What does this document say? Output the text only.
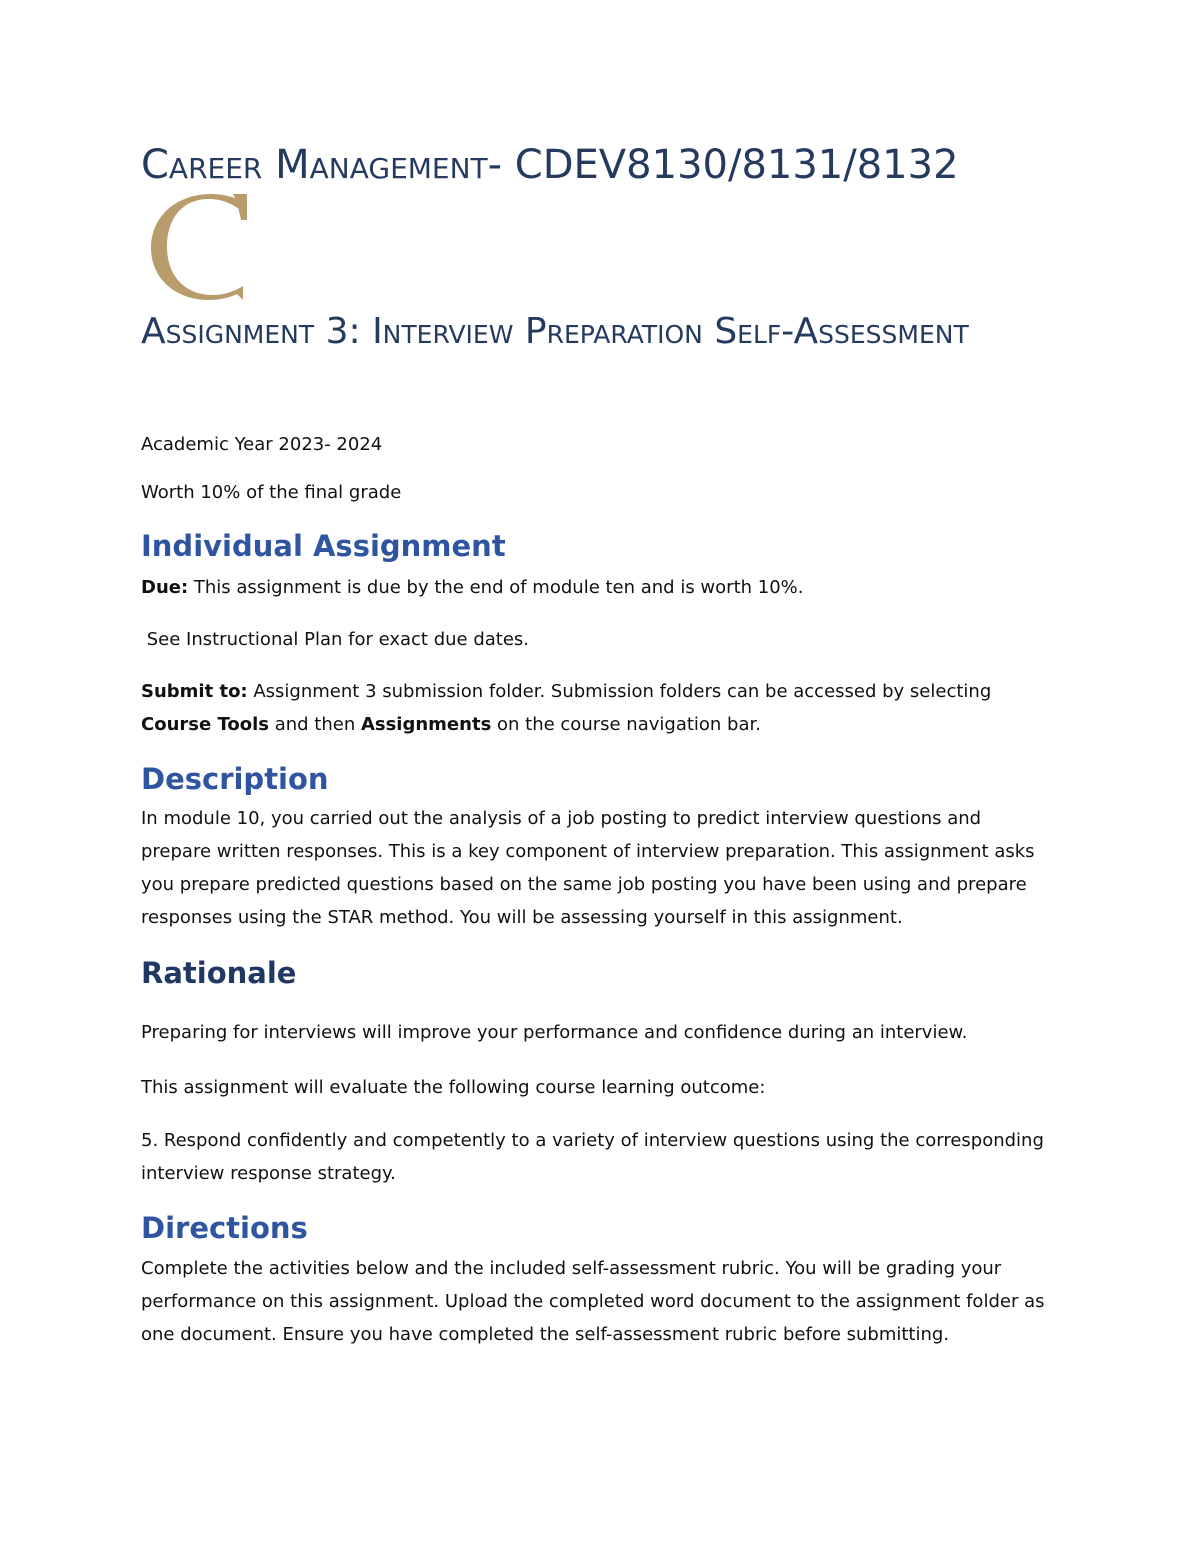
Career Management- CDEV8130/8131/8132
Assignment 3: Interview Preparation Self-Assessment

Academic Year 2023- 2024

Worth 10% of the final grade

Individual Assignment

Due: This assignment is due by the end of module ten and is worth 10%.

See Instructional Plan for exact due dates.

Submit to: Assignment 3 submission folder. Submission folders can be accessed by selecting Course Tools and then Assignments on the course navigation bar.

Description

In module 10, you carried out the analysis of a job posting to predict interview questions and prepare written responses. This is a key component of interview preparation. This assignment asks you prepare predicted questions based on the same job posting you have been using and prepare responses using the STAR method. You will be assessing yourself in this assignment.

Rationale

Preparing for interviews will improve your performance and confidence during an interview.

This assignment will evaluate the following course learning outcome:

5. Respond confidently and competently to a variety of interview questions using the corresponding interview response strategy.

Directions

Complete the activities below and the included self-assessment rubric. You will be grading your performance on this assignment. Upload the completed word document to the assignment folder as one document. Ensure you have completed the self-assessment rubric before submitting.
